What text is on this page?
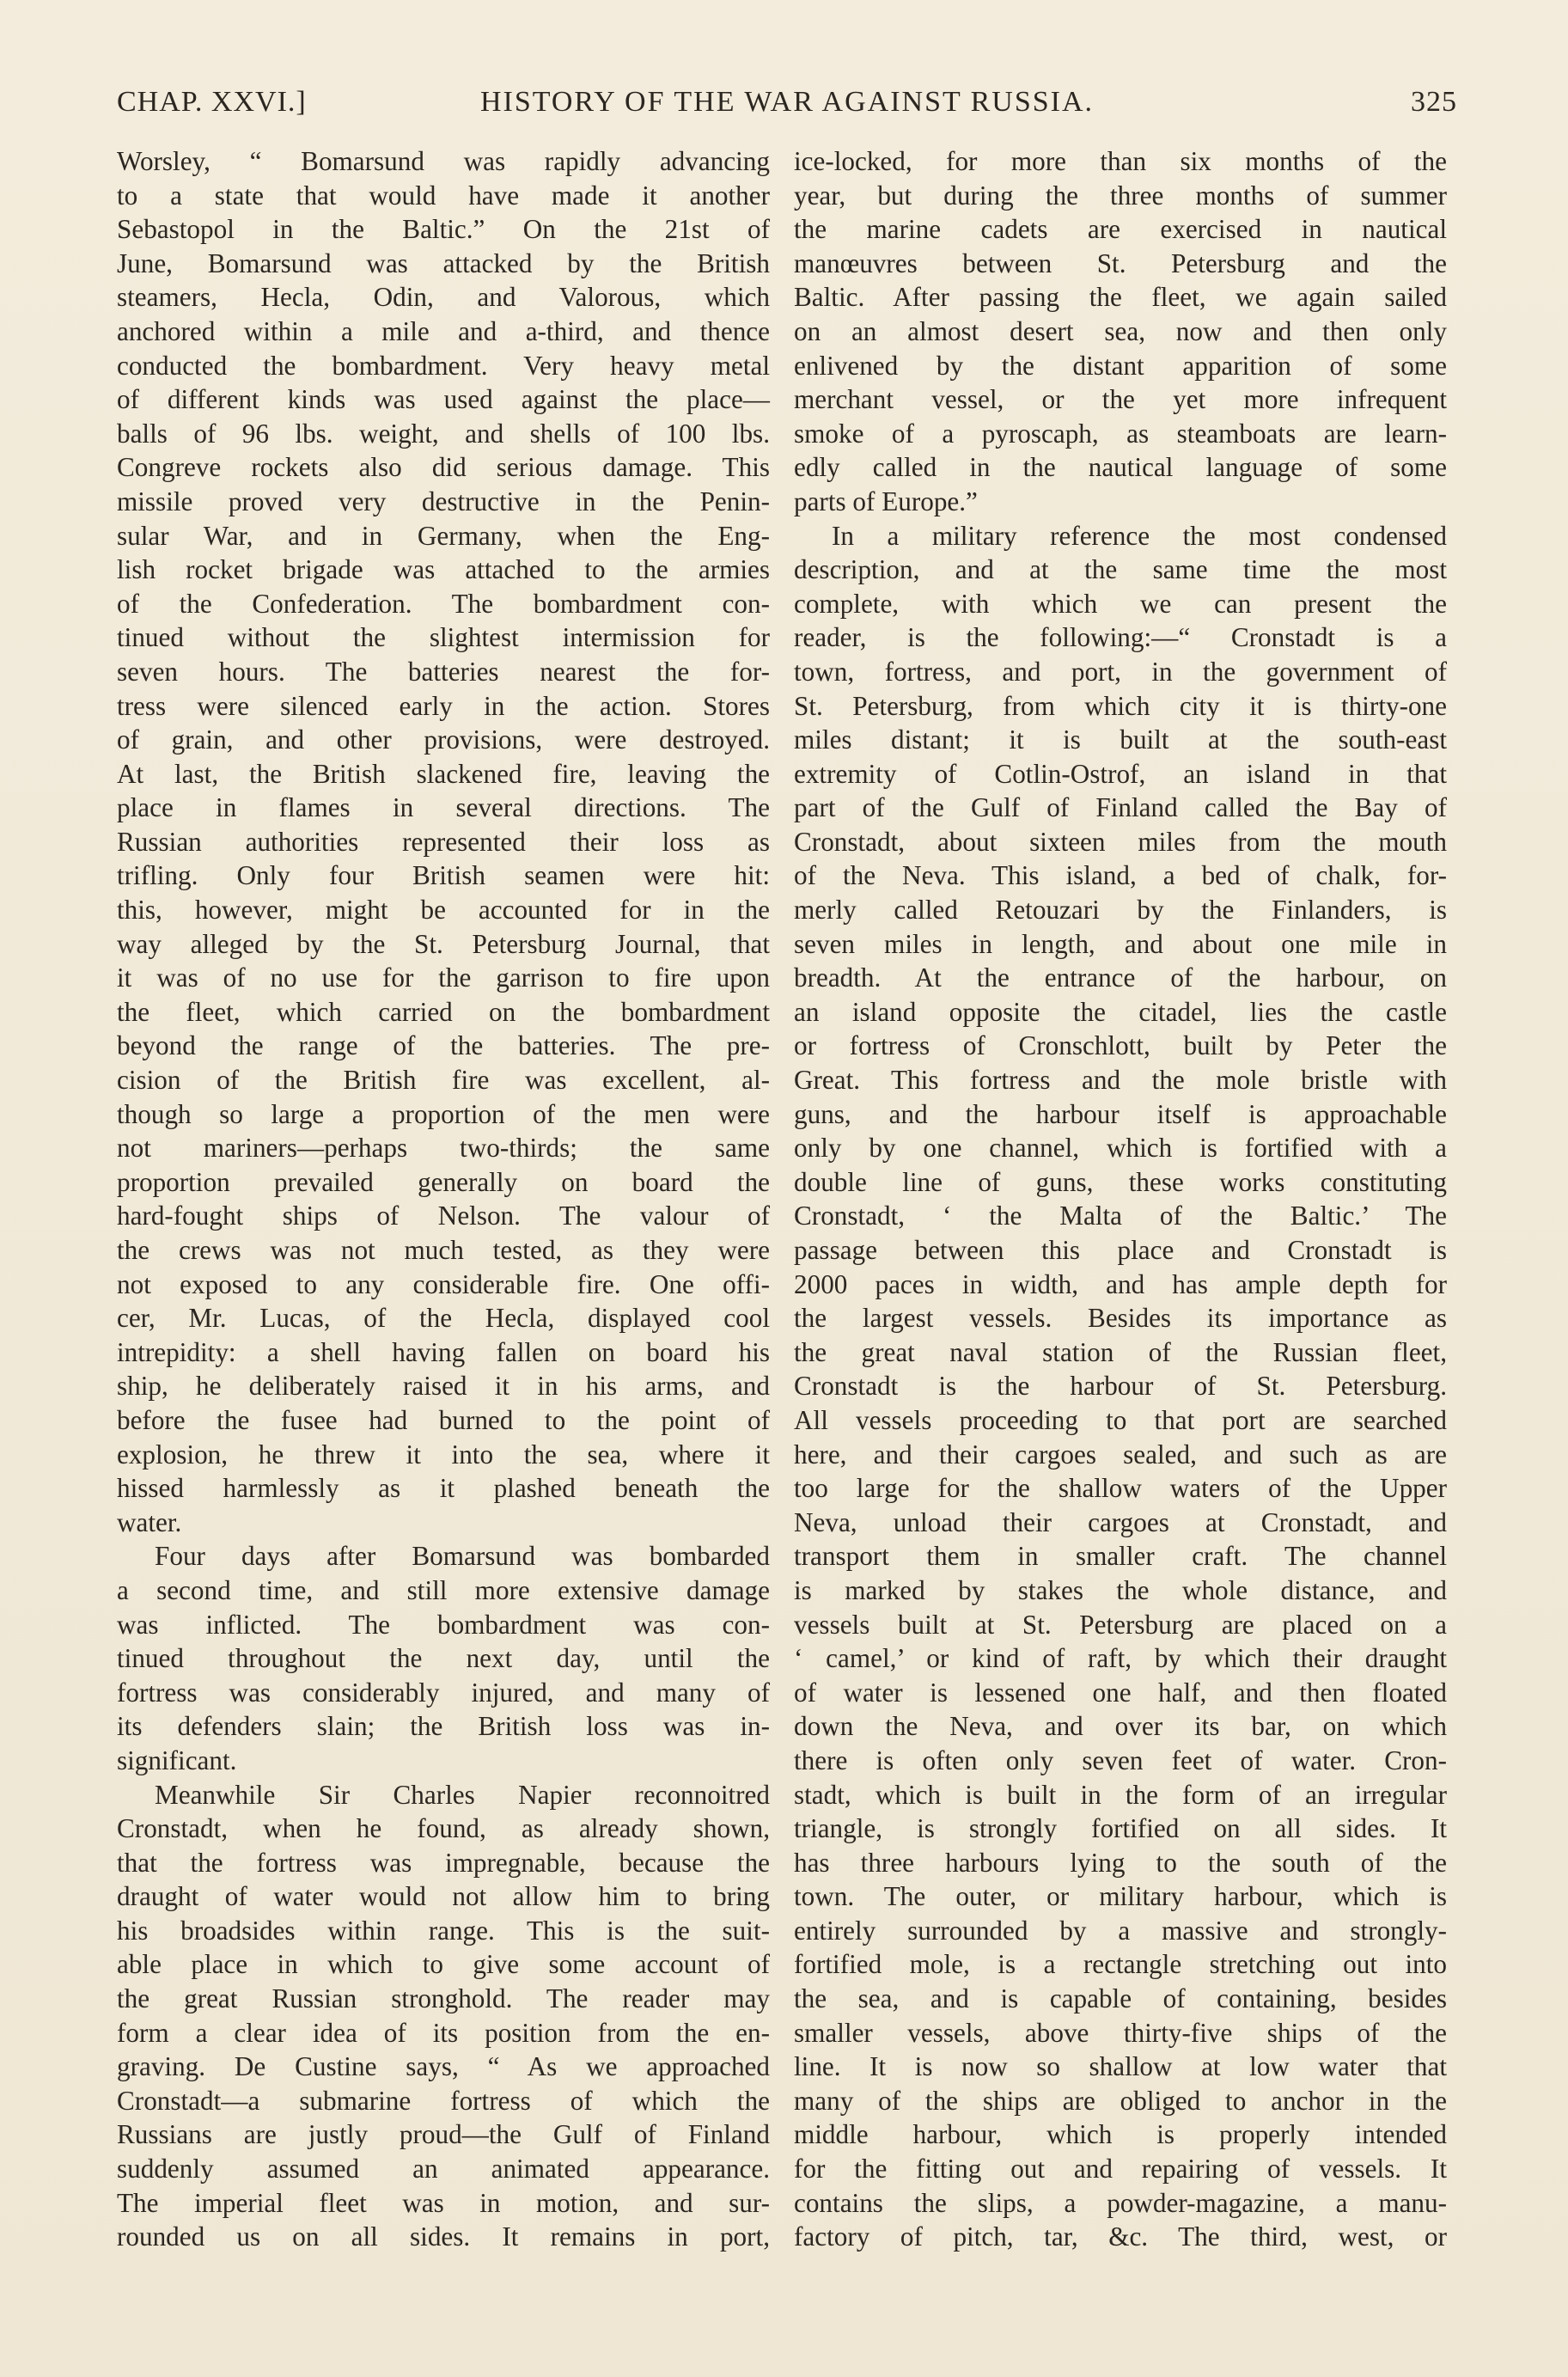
CHAP. XXVI.]	HISTORY OF THE WAR AGAINST RUSSIA.	325
Worsley, “ Bomarsund was rapidly advancing
to a state that would have made it another
Sebastopol in the Baltic.” On the 21st of
June, Bomarsund was attacked by the British
steamers, Hecla, Odin, and Valorous, which
anchored within a mile and a-third, and thence
conducted the bombardment. Very heavy metal
of different kinds was used against the place—
balls of 96 lbs. weight, and shells of 100 lbs.
Congreve rockets also did serious damage. This
missile proved very destructive in the Penin-
sular War, and in Germany, when the Eng-
lish rocket brigade was attached to the armies
of the Confederation. The bombardment con-
tinued without the slightest intermission for
seven hours. The batteries nearest the for-
tress were silenced early in the action. Stores
of grain, and other provisions, were destroyed.
At last, the British slackened fire, leaving the
place in flames in several directions. The
Russian authorities represented their loss as
trifling. Only four British seamen were hit:
this, however, might be accounted for in the
way alleged by the St. Petersburg Journal, that
it was of no use for the garrison to fire upon
the fleet, which carried on the bombardment
beyond the range of the batteries. The pre-
cision of the British fire was excellent, al-
though so large a proportion of the men were
not mariners—perhaps two-thirds; the same
proportion prevailed generally on board the
hard-fought ships of Nelson. The valour of
the crews was not much tested, as they were
not exposed to any considerable fire. One offi-
cer, Mr. Lucas, of the Hecla, displayed cool
intrepidity: a shell having fallen on board his
ship, he deliberately raised it in his arms, and
before the fusee had burned to the point of
explosion, he threw it into the sea, where it
hissed harmlessly as it plashed beneath the
water.
Four days after Bomarsund was bombarded
a second time, and still more extensive damage
was inflicted. The bombardment was con-
tinued throughout the next day, until the
fortress was considerably injured, and many of
its defenders slain; the British loss was in-
significant.
Meanwhile Sir Charles Napier reconnoitred
Cronstadt, when he found, as already shown,
that the fortress was impregnable, because the
draught of water would not allow him to bring
his broadsides within range. This is the suit-
able place in which to give some account of
the great Russian stronghold. The reader may
form a clear idea of its position from the en-
graving. De Custine says, “ As we approached
Cronstadt—a submarine fortress of which the
Russians are justly proud—the Gulf of Finland
suddenly assumed an animated appearance.
The imperial fleet was in motion, and sur-
rounded us on all sides. It remains in port,
ice-locked, for more than six months of the
year, but during the three months of summer
the marine cadets are exercised in nautical
manœuvres between St. Petersburg and the
Baltic. After passing the fleet, we again sailed
on an almost desert sea, now and then only
enlivened by the distant apparition of some
merchant vessel, or the yet more infrequent
smoke of a pyroscaph, as steamboats are learn-
edly called in the nautical language of some
parts of Europe.”
In a military reference the most condensed
description, and at the same time the most
complete, with which we can present the
reader, is the following:—“ Cronstadt is a
town, fortress, and port, in the government of
St. Petersburg, from which city it is thirty-one
miles distant; it is built at the south-east
extremity of Cotlin-Ostrof, an island in that
part of the Gulf of Finland called the Bay of
Cronstadt, about sixteen miles from the mouth
of the Neva. This island, a bed of chalk, for-
merly called Retouzari by the Finlanders, is
seven miles in length, and about one mile in
breadth. At the entrance of the harbour, on
an island opposite the citadel, lies the castle
or fortress of Cronschlott, built by Peter the
Great. This fortress and the mole bristle with
guns, and the harbour itself is approachable
only by one channel, which is fortified with a
double line of guns, these works constituting
Cronstadt, ‘ the Malta of the Baltic.’ The
passage between this place and Cronstadt is
2000 paces in width, and has ample depth for
the largest vessels. Besides its importance as
the great naval station of the Russian fleet,
Cronstadt is the harbour of St. Petersburg.
All vessels proceeding to that port are searched
here, and their cargoes sealed, and such as are
too large for the shallow waters of the Upper
Neva, unload their cargoes at Cronstadt, and
transport them in smaller craft. The channel
is marked by stakes the whole distance, and
vessels built at St. Petersburg are placed on a
‘ camel,’ or kind of raft, by which their draught
of water is lessened one half, and then floated
down the Neva, and over its bar, on which
there is often only seven feet of water. Cron-
stadt, which is built in the form of an irregular
triangle, is strongly fortified on all sides. It
has three harbours lying to the south of the
town. The outer, or military harbour, which is
entirely surrounded by a massive and strongly-
fortified mole, is a rectangle stretching out into
the sea, and is capable of containing, besides
smaller vessels, above thirty-five ships of the
line. It is now so shallow at low water that
many of the ships are obliged to anchor in the
middle harbour, which is properly intended
for the fitting out and repairing of vessels. It
contains the slips, a powder-magazine, a manu-
factory of pitch, tar, &c. The third, west, or
